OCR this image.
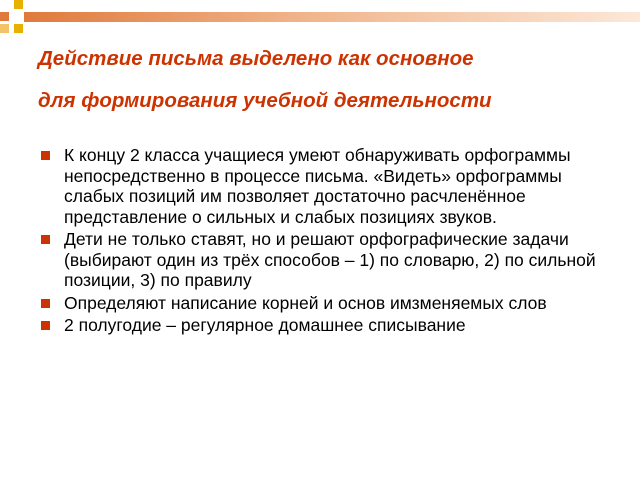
Действие письма выделено как основное
для формирования учебной деятельности
К концу 2 класса учащиеся умеют обнаруживать орфограммы непосредственно в процессе письма. «Видеть» орфограммы слабых позиций им позволяет достаточно расчленённое представление о сильных и слабых позициях звуков.
Дети не только ставят, но и решают орфографические задачи (выбирают один из трёх способов – 1) по словарю, 2) по сильной позиции, 3) по правилу
Определяют написание корней и основ имзменяемых слов
2 полугодие – регулярное домашнее списывание
